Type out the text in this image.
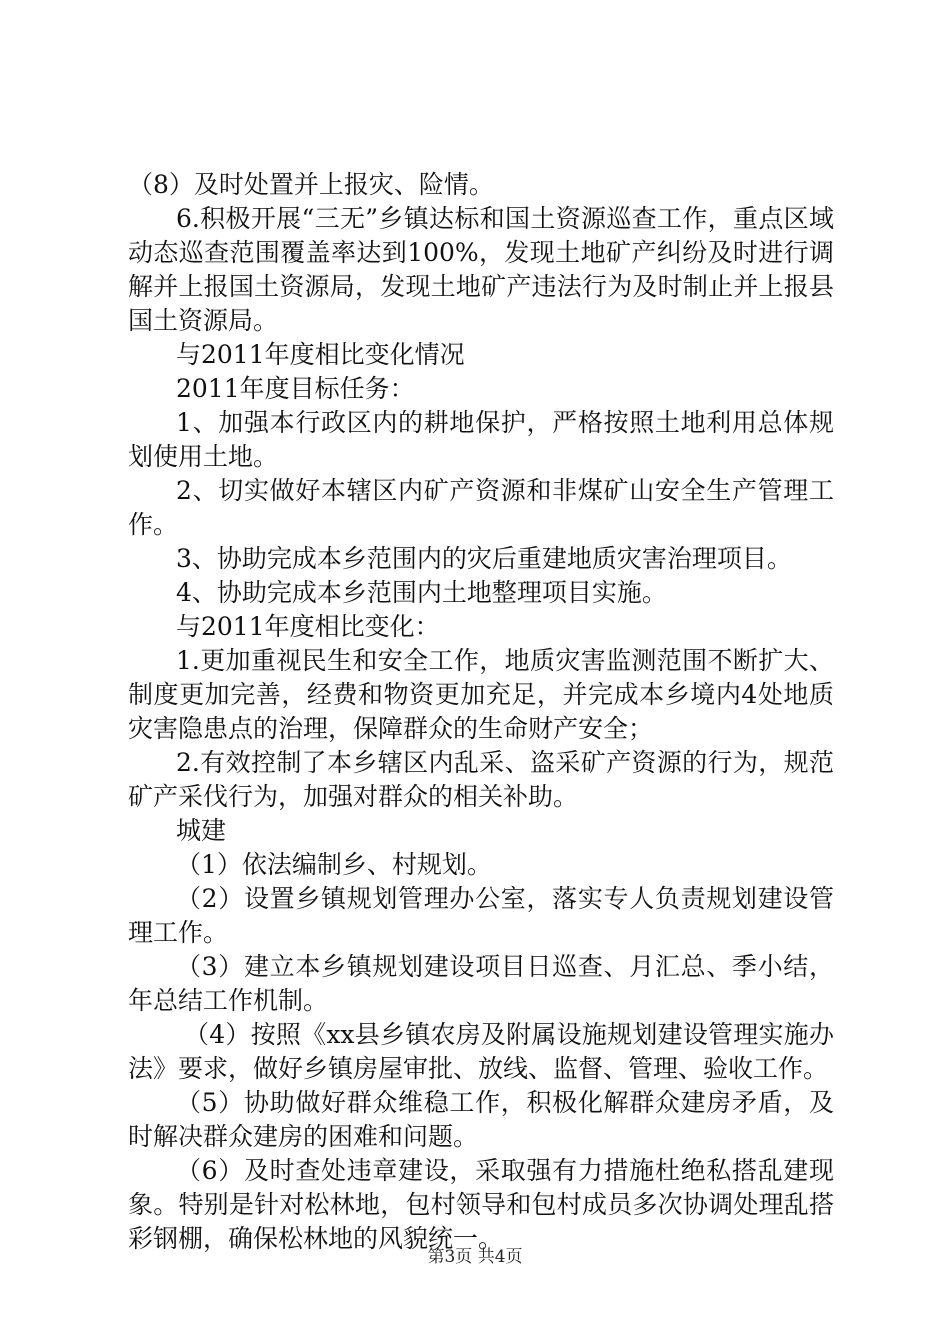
（8）及时处置并上报灾、险情。

6.积极开展“三无”乡镇达标和国土资源巡查工作，重点区域动态巡查范围覆盖率达到100%，发现土地矿产纠纷及时进行调解并上报国土资源局，发现土地矿产违法行为及时制止并上报县国土资源局。

与2011年度相比变化情况

2011年度目标任务：

1、加强本行政区内的耕地保护，严格按照土地利用总体规划使用土地。

2、切实做好本辖区内矿产资源和非煤矿山安全生产管理工作。

3、协助完成本乡范围内的灾后重建地质灾害治理项目。

4、协助完成本乡范围内土地整理项目实施。

与2011年度相比变化：

1.更加重视民生和安全工作，地质灾害监测范围不断扩大、制度更加完善，经费和物资更加充足，并完成本乡境内4处地质灾害隐患点的治理，保障群众的生命财产安全；

2.有效控制了本乡辖区内乱采、盗采矿产资源的行为，规范矿产采伐行为，加强对群众的相关补助。

城建

（1）依法编制乡、村规划。

（2）设置乡镇规划管理办公室，落实专人负责规划建设管理工作。

（3）建立本乡镇规划建设项目日巡查、月汇总、季小结，年总结工作机制。

（4）按照《xx县乡镇农房及附属设施规划建设管理实施办法》要求，做好乡镇房屋审批、放线、监督、管理、验收工作。

（5）协助做好群众维稳工作，积极化解群众建房矛盾，及时解决群众建房的困难和问题。

（6）及时查处违章建设，采取强有力措施杜绝私搭乱建现象。特别是针对松林地，包村领导和包村成员多次协调处理乱搭彩钢棚，确保松林地的风貌统一。

第3页 共4页
